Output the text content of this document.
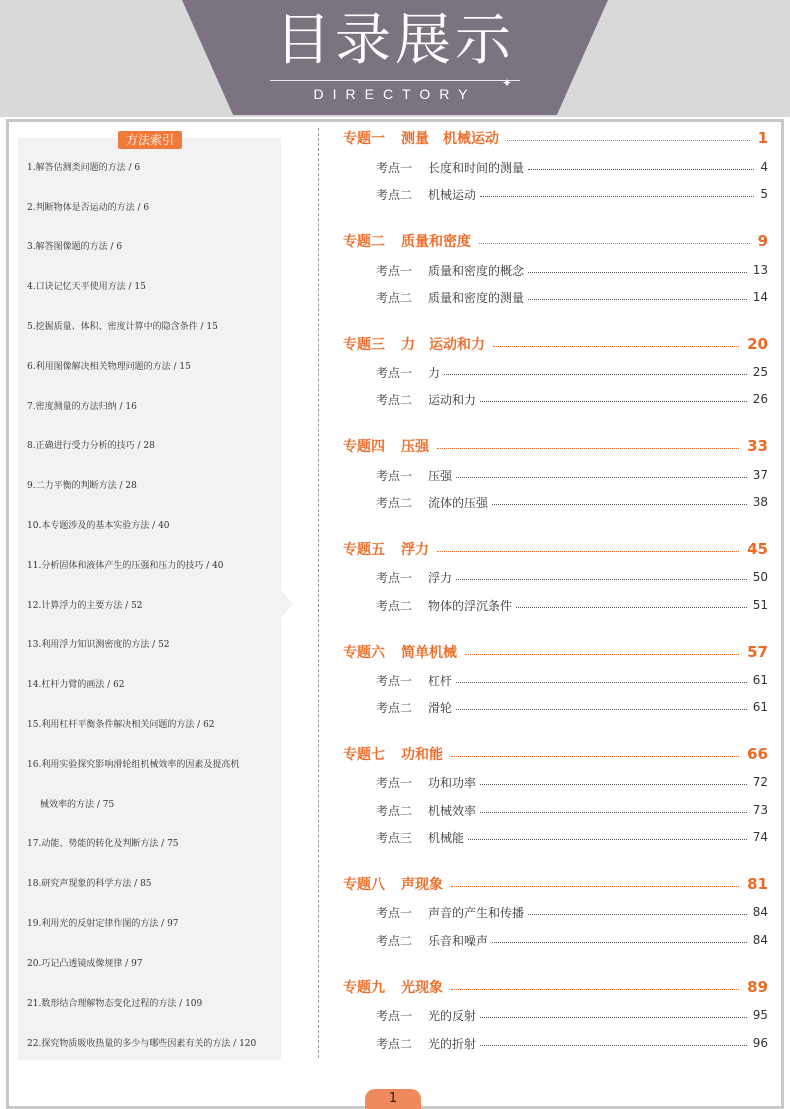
目录展示
DIRECTORY
✦
方法索引
1.解答估测类问题的方法 / 6
2.判断物体是否运动的方法 / 6
3.解答图像题的方法 / 6
4.口诀记忆天平使用方法 / 15
5.挖掘质量、体积、密度计算中的隐含条件 / 15
6.利用图像解决相关物理问题的方法 / 15
7.密度测量的方法归纳 / 16
8.正确进行受力分析的技巧 / 28
9.二力平衡的判断方法 / 28
10.本专题涉及的基本实验方法 / 40
11.分析固体和液体产生的压强和压力的技巧 / 40
12.计算浮力的主要方法 / 52
13.利用浮力知识测密度的方法 / 52
14.杠杆力臂的画法 / 62
15.利用杠杆平衡条件解决相关问题的方法 / 62
16.利用实验探究影响滑轮组机械效率的因素及提高机
械效率的方法 / 75
17.动能、势能的转化及判断方法 / 75
18.研究声现象的科学方法 / 85
19.利用光的反射定律作图的方法 / 97
20.巧记凸透镜成像规律 / 97
21.数形结合理解物态变化过程的方法 / 109
22.探究物质吸收热量的多少与哪些因素有关的方法 / 120
专题一 测量　机械运动	1
考点一	长度和时间的测量	4
考点二	机械运动	5
专题二 质量和密度	9
考点一	质量和密度的概念	13
考点二	质量和密度的测量	14
专题三 力　运动和力	20
考点一	力	25
考点二	运动和力	26
专题四 压强	33
考点一	压强	37
考点二	流体的压强	38
专题五 浮力	45
考点一	浮力	50
考点二	物体的浮沉条件	51
专题六 简单机械	57
考点一	杠杆	61
考点二	滑轮	61
专题七 功和能	66
考点一	功和功率	72
考点二	机械效率	73
考点三	机械能	74
专题八 声现象	81
考点一	声音的产生和传播	84
考点二	乐音和噪声	84
专题九 光现象	89
考点一	光的反射	95
考点二	光的折射	96
1
